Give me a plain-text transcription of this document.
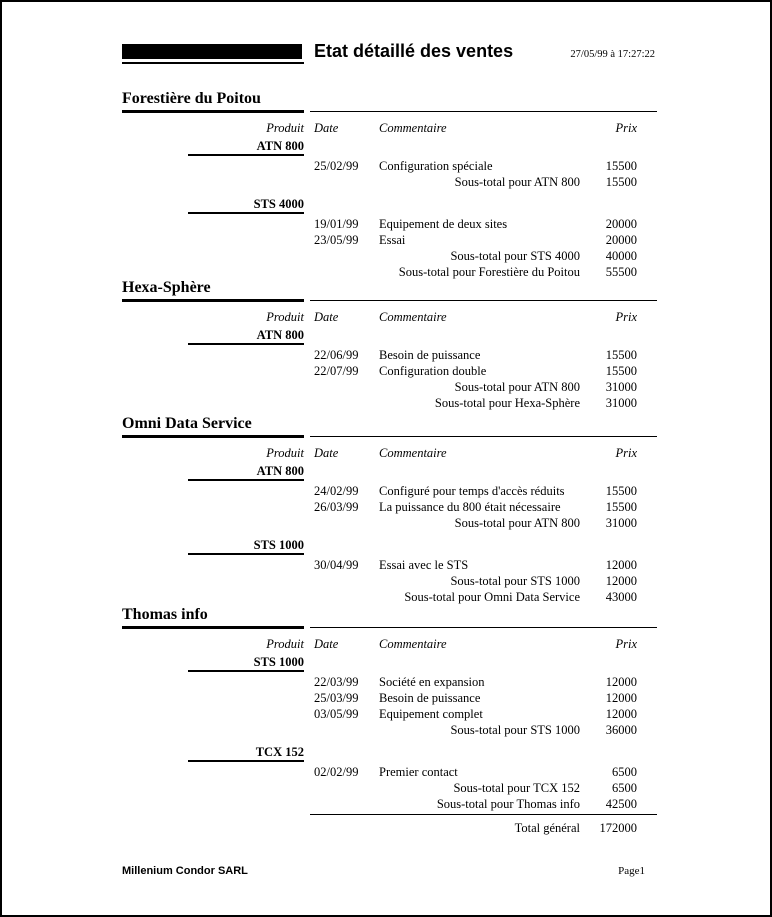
Etat détaillé des ventes	27/05/99 à 17:27:22
Forestière du Poitou
Produit Date	Commentaire	Prix
ATN 800
25/02/99	Configuration spéciale	15500
Sous-total pour ATN 800	15500
STS 4000
19/01/99	Equipement de deux sites	20000
23/05/99	Essai	20000
Sous-total pour STS 4000	40000
Sous-total pour Forestière du Poitou	55500
Hexa-Sphère
Produit Date	Commentaire	Prix
ATN 800
22/06/99	Besoin de puissance	15500
22/07/99	Configuration double	15500
Sous-total pour ATN 800	31000
Sous-total pour Hexa-Sphère	31000
Omni Data Service
Produit Date	Commentaire	Prix
ATN 800
24/02/99	Configuré pour temps d'accès réduits	15500
26/03/99	La puissance du 800 était nécessaire	15500
Sous-total pour ATN 800	31000
STS 1000
30/04/99	Essai avec le STS	12000
Sous-total pour STS 1000	12000
Sous-total pour Omni Data Service	43000
Thomas info
Produit Date	Commentaire	Prix
STS 1000
22/03/99	Société en expansion	12000
25/03/99	Besoin de puissance	12000
03/05/99	Equipement complet	12000
Sous-total pour STS 1000	36000
TCX 152
02/02/99	Premier contact	6500
Sous-total pour TCX 152	6500
Sous-total pour Thomas info	42500
Total général	172000
Millenium Condor SARL	Page1
